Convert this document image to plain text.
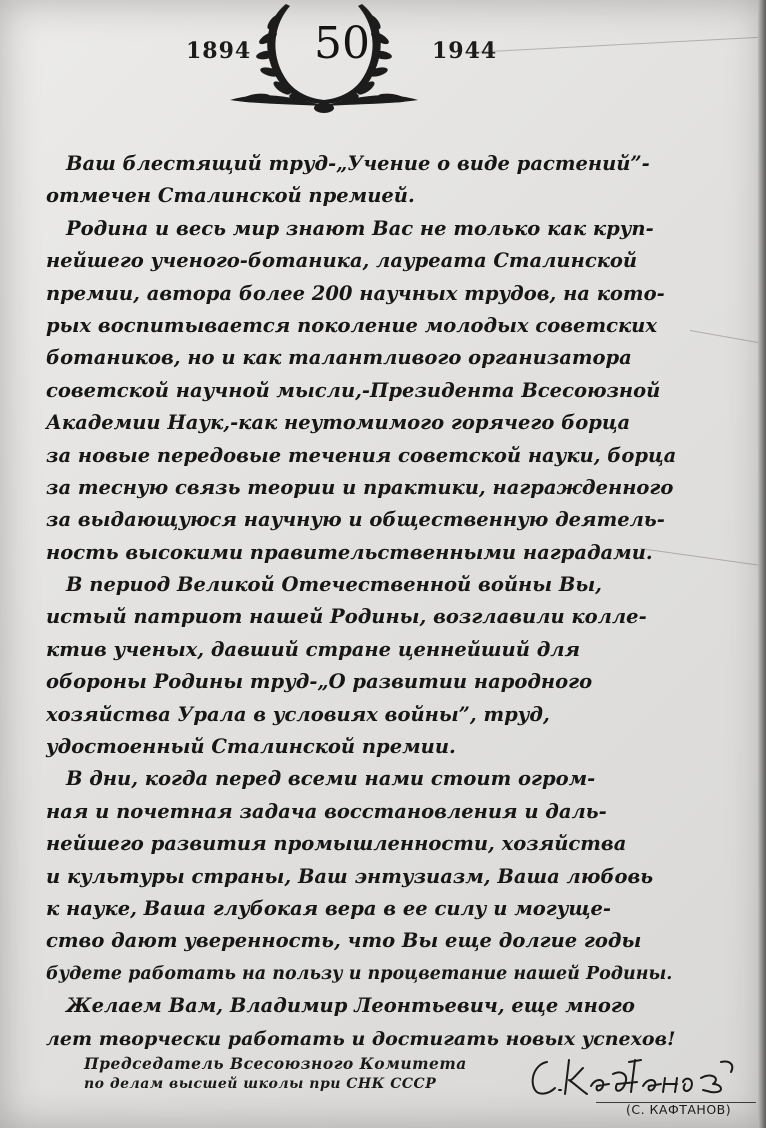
1894	50	1944
Ваш блестящий труд-„Учение о виде растений”-
отмечен Сталинской премией.
Родина и весь мир знают Вас не только как круп-
нейшего ученого-ботаника, лауреата Сталинской
премии, автора более 200 научных трудов, на кото-
рых воспитывается поколение молодых советских
ботаников, но и как талантливого организатора
советской научной мысли,-Президента Всесоюзной
Академии Наук,-как неутомимого горячего борца
за новые передовые течения советской науки, борца
за тесную связь теории и практики, награжденного
за выдающуюся научную и общественную деятель-
ность высокими правительственными наградами.
В период Великой Отечественной войны Вы,
истый патриот нашей Родины, возглавили колле-
ктив ученых, давший стране ценнейший для
обороны Родины труд-„О развитии народного
хозяйства Урала в условиях войны”, труд,
удостоенный Сталинской премии.
В дни, когда перед всеми нами стоит огром-
ная и почетная задача восстановления и даль-
нейшего развития промышленности, хозяйства
и культуры страны, Ваш энтузиазм, Ваша любовь
к науке, Ваша глубокая вера в ее силу и могуще-
ство дают уверенность, что Вы еще долгие годы
будете работать на пользу и процветание нашей Родины.
Желаем Вам, Владимир Леонтьевич, еще много
лет творчески работать и достигать новых успехов!
Председатель Всесоюзного Комитета
по делам высшей школы при СНК СССР
(С. КАФТАНОВ)
